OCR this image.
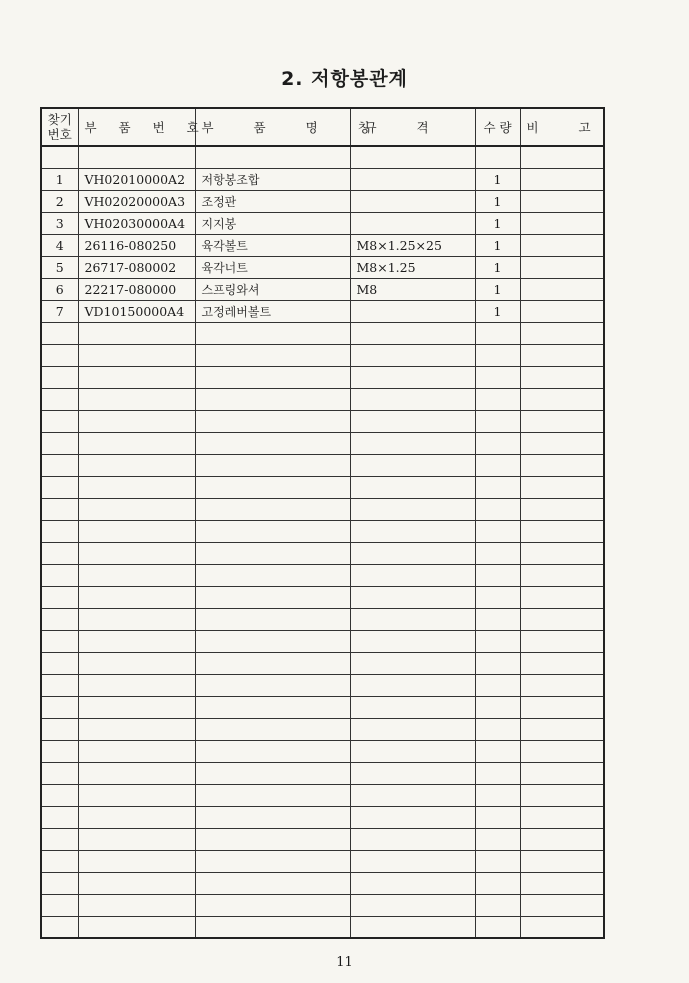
2. 저항봉관계
찾기
번호	부 품 번 호	부 품 명 칭	규 격	수 량	비 고

1	VH02010000A2	저항봉조합		1	
2	VH02020000A3	조정판		1	
3	VH02030000A4	지지봉		1	
4	26116-080250	육각볼트	M8×1.25×25	1	
5	26717-080002	육각너트	M8×1.25	1	
6	22217-080000	스프링와셔	M8	1	
7	VD10150000A4	고정레버볼트		1	

11
